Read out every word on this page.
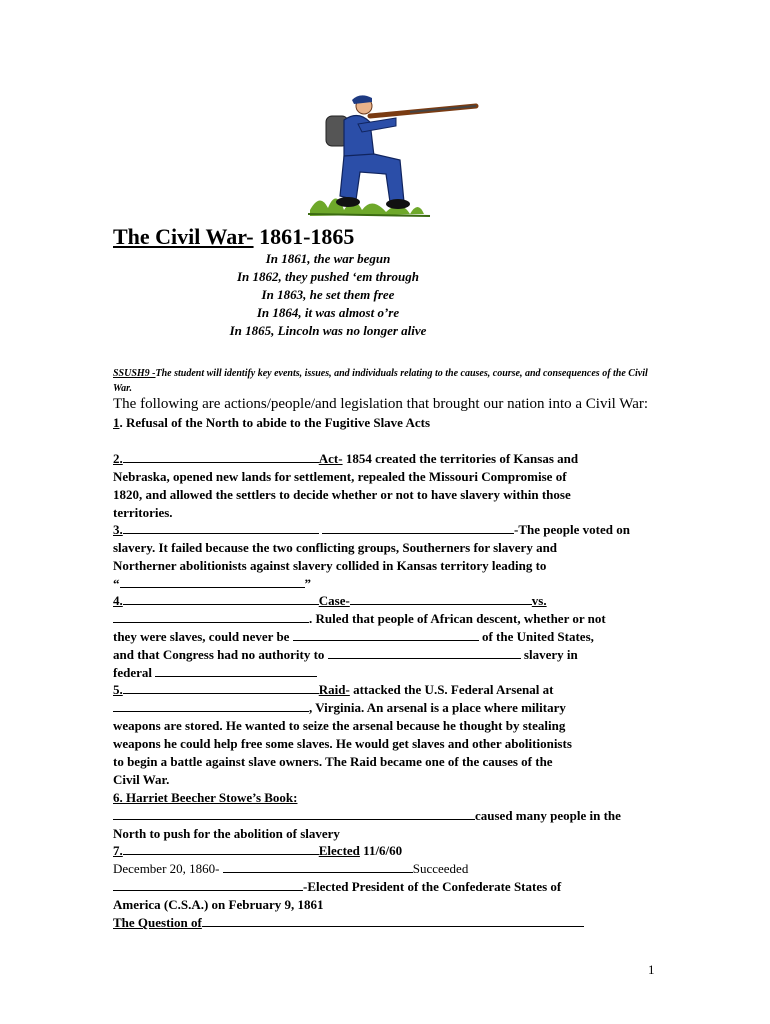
The Civil War- 1861-1865
In 1861, the war begun
In 1862, they pushed ‘em through
In 1863, he set them free
In 1864, it was almost o’re
In 1865, Lincoln was no longer alive
SSUSH9 -The student will identify key events, issues, and individuals relating to the causes, course, and consequences of the Civil War.
The following are actions/people/and legislation that brought our nation into a Civil War:
1. Refusal of the North to abide to the Fugitive Slave Acts
2.	Act- 1854 created the territories of Kansas and
Nebraska, opened new lands for settlement, repealed the Missouri Compromise of
1820, and allowed the settlers to decide whether or not to have slavery within those
territories.
3.	-The people voted on
slavery. It failed because the two conflicting groups, Southerners for slavery and
Northerner abolitionists against slavery collided in Kansas territory leading to
“	”
4.	Case-	vs.
. Ruled that people of African descent, whether or not
they were slaves, could never be	of the United States,
and that Congress had no authority to	slavery in
federal
5.	Raid- attacked the U.S. Federal Arsenal at
, Virginia. An arsenal is a place where military
weapons are stored. He wanted to seize the arsenal because he thought by stealing
weapons he could help free some slaves. He would get slaves and other abolitionists
to begin a battle against slave owners. The Raid became one of the causes of the
Civil War.
6. Harriet Beecher Stowe’s Book:
caused many people in the
North to push for the abolition of slavery
7.	Elected 11/6/60
December 20, 1860-	Succeeded
-Elected President of the Confederate States of
America (C.S.A.) on February 9, 1861
The Question of
1
